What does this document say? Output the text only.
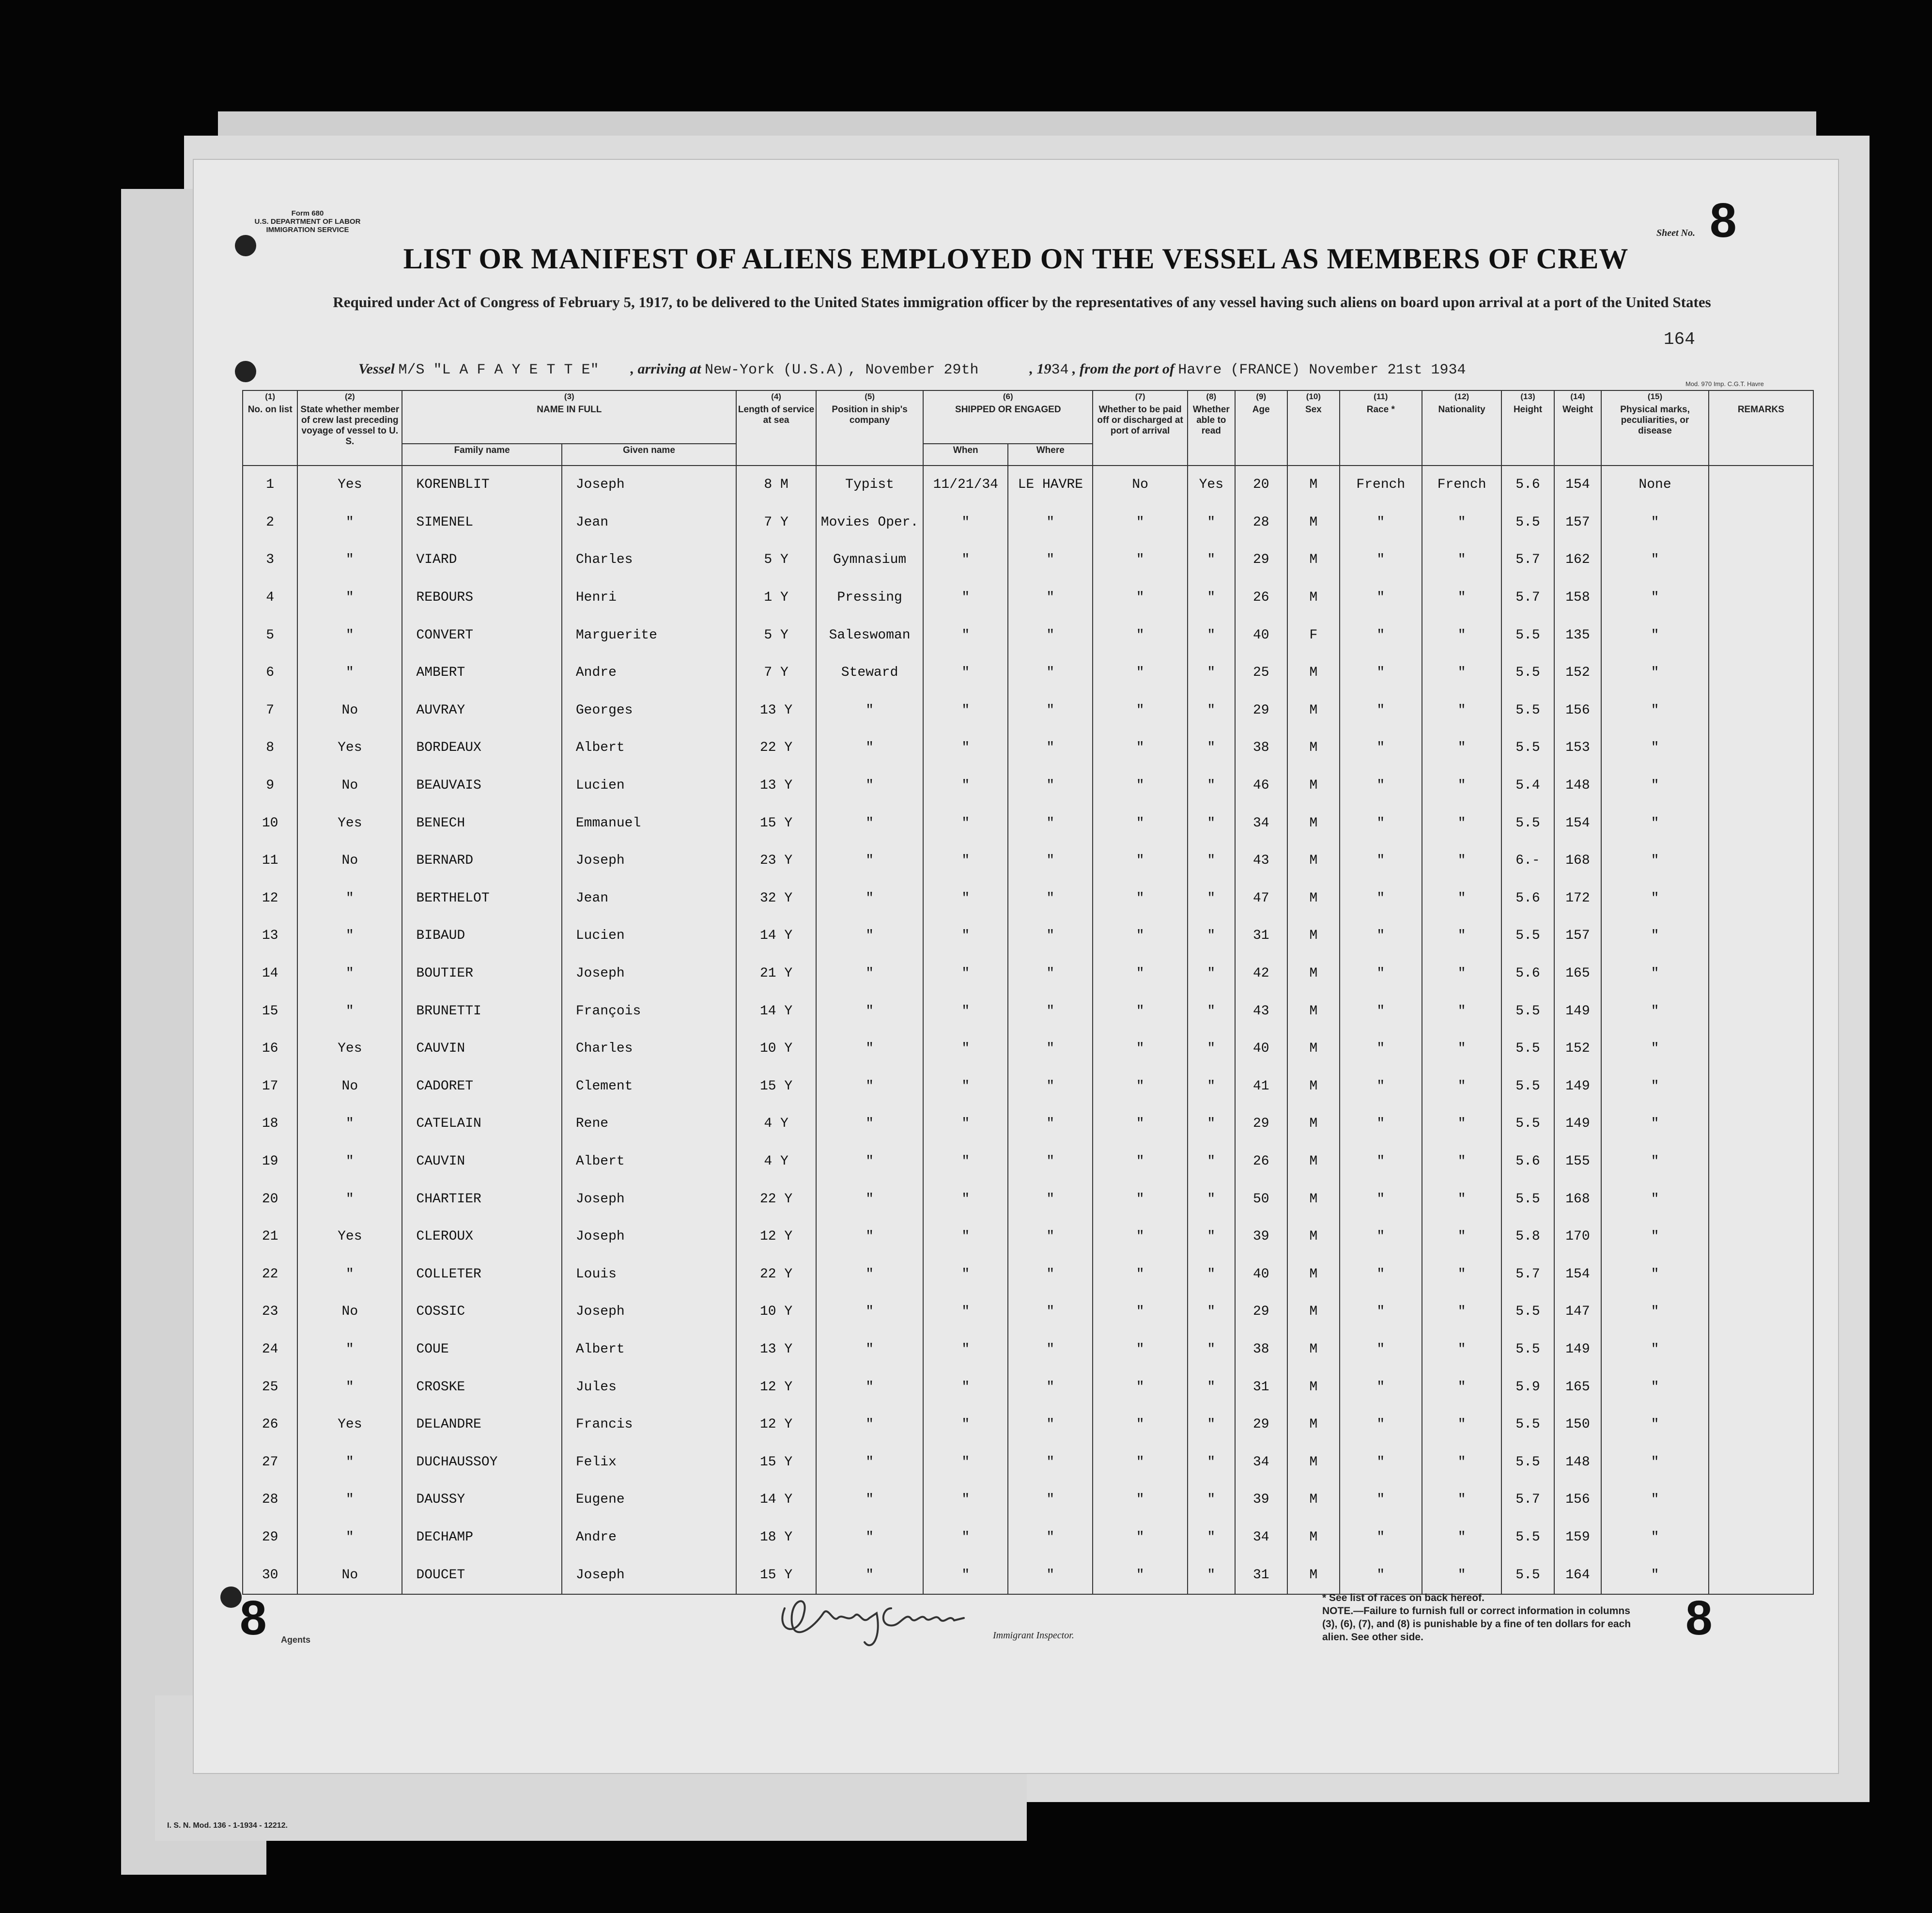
Form 680
U.S. DEPARTMENT OF LABOR
IMMIGRATION SERVICE	Sheet No. 8
LIST OR MANIFEST OF ALIENS EMPLOYED ON THE VESSEL AS MEMBERS OF CREW
Required under Act of Congress of February 5, 1917, to be delivered to the United States immigration officer by the representatives of any vessel having such aliens on board upon arrival at a port of the United States
164
Vessel M/S "L A F A Y E T T E" , arriving at New-York (U.S.A) , November 29th	, 1934 , from the port of Havre (FRANCE) November 21st 1934
Mod. 970 Imp. C.G.T. Havre
(1)
No. on list	(2)
State whether member of crew last preceding voyage of vessel to U. S.	(3)
NAME IN FULL		(4)
Length of service at sea	(5)
Position in ship's company	(6)
SHIPPED OR ENGAGED		(7)
Whether to be paid off or discharged at port of arrival	(8)
Whether able to read	(9)
Age	(10)
Sex	(11)
Race *	(12)
Nationality	(13)
Height	(14)
Weight	(15)
Physical marks, peculiarities, or disease	REMARKS
		Family name	Given name			When	Where										
1	Yes	KORENBLIT	Joseph	8 M	Typist	11/21/34	LE HAVRE	No	Yes	20	M	French	French	5.6	154	None	
2	"	SIMENEL	Jean	7 Y	Movies Oper.	"	"	"	"	28	M	"	"	5.5	157	"	
3	"	VIARD	Charles	5 Y	Gymnasium	"	"	"	"	29	M	"	"	5.7	162	"	
4	"	REBOURS	Henri	1 Y	Pressing	"	"	"	"	26	M	"	"	5.7	158	"	
5	"	CONVERT	Marguerite	5 Y	Saleswoman	"	"	"	"	40	F	"	"	5.5	135	"	
6	"	AMBERT	Andre	7 Y	Steward	"	"	"	"	25	M	"	"	5.5	152	"	
7	No	AUVRAY	Georges	13 Y	"	"	"	"	"	29	M	"	"	5.5	156	"	
8	Yes	BORDEAUX	Albert	22 Y	"	"	"	"	"	38	M	"	"	5.5	153	"	
9	No	BEAUVAIS	Lucien	13 Y	"	"	"	"	"	46	M	"	"	5.4	148	"	
10	Yes	BENECH	Emmanuel	15 Y	"	"	"	"	"	34	M	"	"	5.5	154	"	
11	No	BERNARD	Joseph	23 Y	"	"	"	"	"	43	M	"	"	6.-	168	"	
12	"	BERTHELOT	Jean	32 Y	"	"	"	"	"	47	M	"	"	5.6	172	"	
13	"	BIBAUD	Lucien	14 Y	"	"	"	"	"	31	M	"	"	5.5	157	"	
14	"	BOUTIER	Joseph	21 Y	"	"	"	"	"	42	M	"	"	5.6	165	"	
15	"	BRUNETTI	François	14 Y	"	"	"	"	"	43	M	"	"	5.5	149	"	
16	Yes	CAUVIN	Charles	10 Y	"	"	"	"	"	40	M	"	"	5.5	152	"	
17	No	CADORET	Clement	15 Y	"	"	"	"	"	41	M	"	"	5.5	149	"	
18	"	CATELAIN	Rene	4 Y	"	"	"	"	"	29	M	"	"	5.5	149	"	
19	"	CAUVIN	Albert	4 Y	"	"	"	"	"	26	M	"	"	5.6	155	"	
20	"	CHARTIER	Joseph	22 Y	"	"	"	"	"	50	M	"	"	5.5	168	"	
21	Yes	CLEROUX	Joseph	12 Y	"	"	"	"	"	39	M	"	"	5.8	170	"	
22	"	COLLETER	Louis	22 Y	"	"	"	"	"	40	M	"	"	5.7	154	"	
23	No	COSSIC	Joseph	10 Y	"	"	"	"	"	29	M	"	"	5.5	147	"	
24	"	COUE	Albert	13 Y	"	"	"	"	"	38	M	"	"	5.5	149	"	
25	"	CROSKE	Jules	12 Y	"	"	"	"	"	31	M	"	"	5.9	165	"	
26	Yes	DELANDRE	Francis	12 Y	"	"	"	"	"	29	M	"	"	5.5	150	"	
27	"	DUCHAUSSOY	Felix	15 Y	"	"	"	"	"	34	M	"	"	5.5	148	"	
28	"	DAUSSY	Eugene	14 Y	"	"	"	"	"	39	M	"	"	5.7	156	"	
29	"	DECHAMP	Andre	18 Y	"	"	"	"	"	34	M	"	"	5.5	159	"	
30	No	DOUCET	Joseph	15 Y	"	"	"	"	"	31	M	"	"	5.5	164	"	
8 Agents	Immigrant Inspector.
* See list of races on back hereof.
NOTE.—Failure to furnish full or correct information in columns (3), (6), (7), and (8) is punishable by a fine of ten dollars for each alien. See other side.	8
I. S. N. Mod. 136 - 1-1934 - 12212.
